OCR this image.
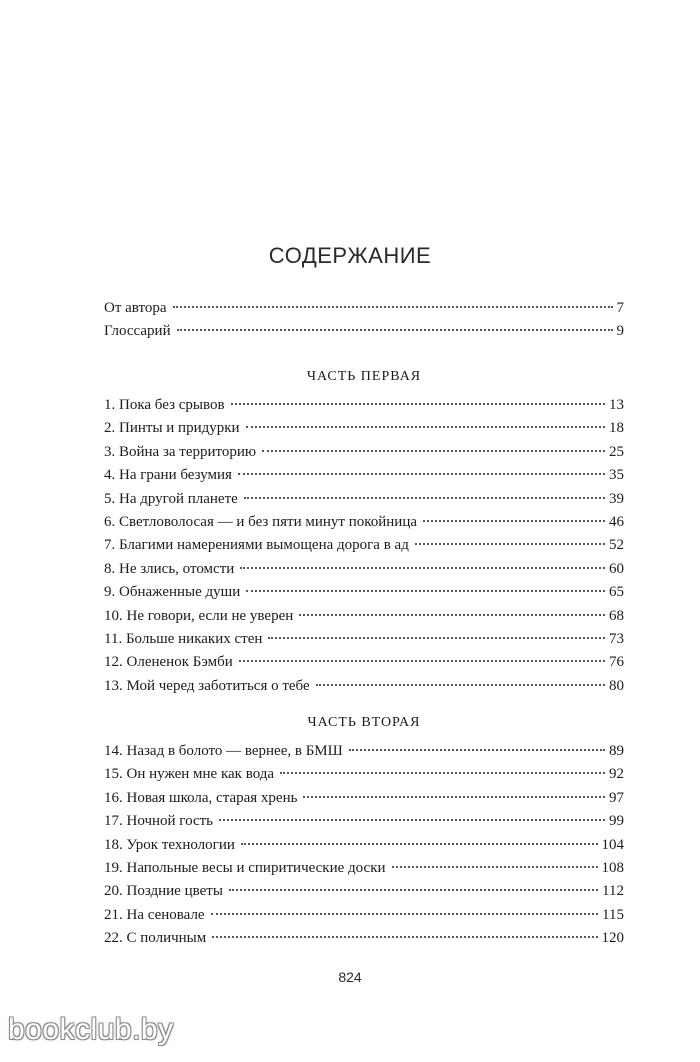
СОДЕРЖАНИЕ
От автора	7
Глоссарий	9
ЧАСТЬ ПЕРВАЯ
1. Пока без срывов	13
2. Пинты и придурки	18
3. Война за территорию	25
4. На грани безумия	35
5. На другой планете	39
6. Светловолосая — и без пяти минут покойница	46
7. Благими намерениями вымощена дорога в ад	52
8. Не злись, отомсти	60
9. Обнаженные души	65
10. Не говори, если не уверен	68
11. Больше никаких стен	73
12. Олененок Бэмби	76
13. Мой черед заботиться о тебе	80
ЧАСТЬ ВТОРАЯ
14. Назад в болото — вернее, в БМШ	89
15. Он нужен мне как вода	92
16. Новая школа, старая хрень	97
17. Ночной гость	99
18. Урок технологии	104
19. Напольные весы и спиритические доски	108
20. Поздние цветы	112
21. На сеновале	115
22. С поличным	120
824
bookclub.by
